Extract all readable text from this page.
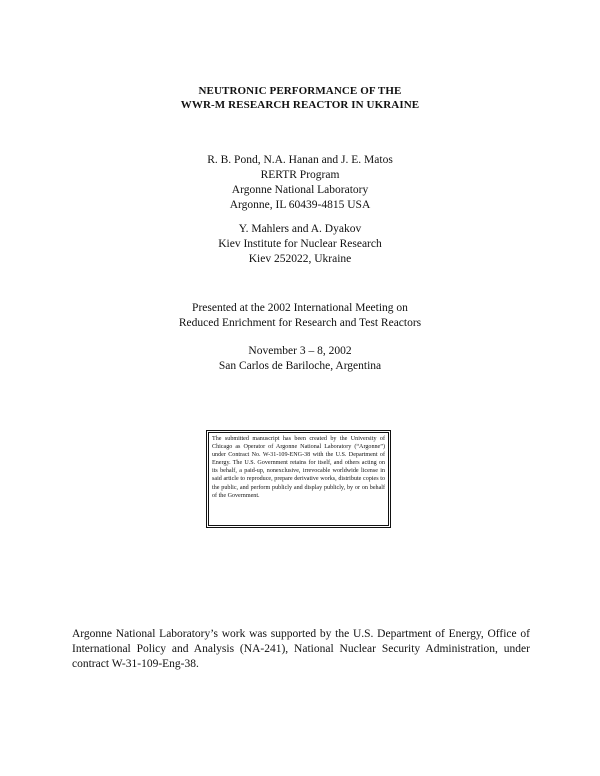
NEUTRONIC PERFORMANCE OF THE
WWR-M RESEARCH REACTOR IN UKRAINE
R. B. Pond, N.A. Hanan and J. E. Matos
RERTR Program
Argonne National Laboratory
Argonne, IL 60439-4815 USA
Y. Mahlers and A. Dyakov
Kiev Institute for Nuclear Research
Kiev 252022, Ukraine
Presented at the 2002 International Meeting on
Reduced Enrichment for Research and Test Reactors
November 3 – 8, 2002
San Carlos de Bariloche, Argentina
The submitted manuscript has been created by the University of Chicago as Operator of Argonne National Laboratory (“Argonne”) under Contract No. W-31-109-ENG-38 with the U.S. Department of Energy. The U.S. Government retains for itself, and others acting on its behalf, a paid-up, nonexclusive, irrevocable worldwide license in said article to reproduce, prepare derivative works, distribute copies to the public, and perform publicly and display publicly, by or on behalf of the Government.
Argonne National Laboratory’s work was supported by the U.S. Department of Energy, Office of International Policy and Analysis (NA-241), National Nuclear Security Administration, under contract W-31-109-Eng-38.
